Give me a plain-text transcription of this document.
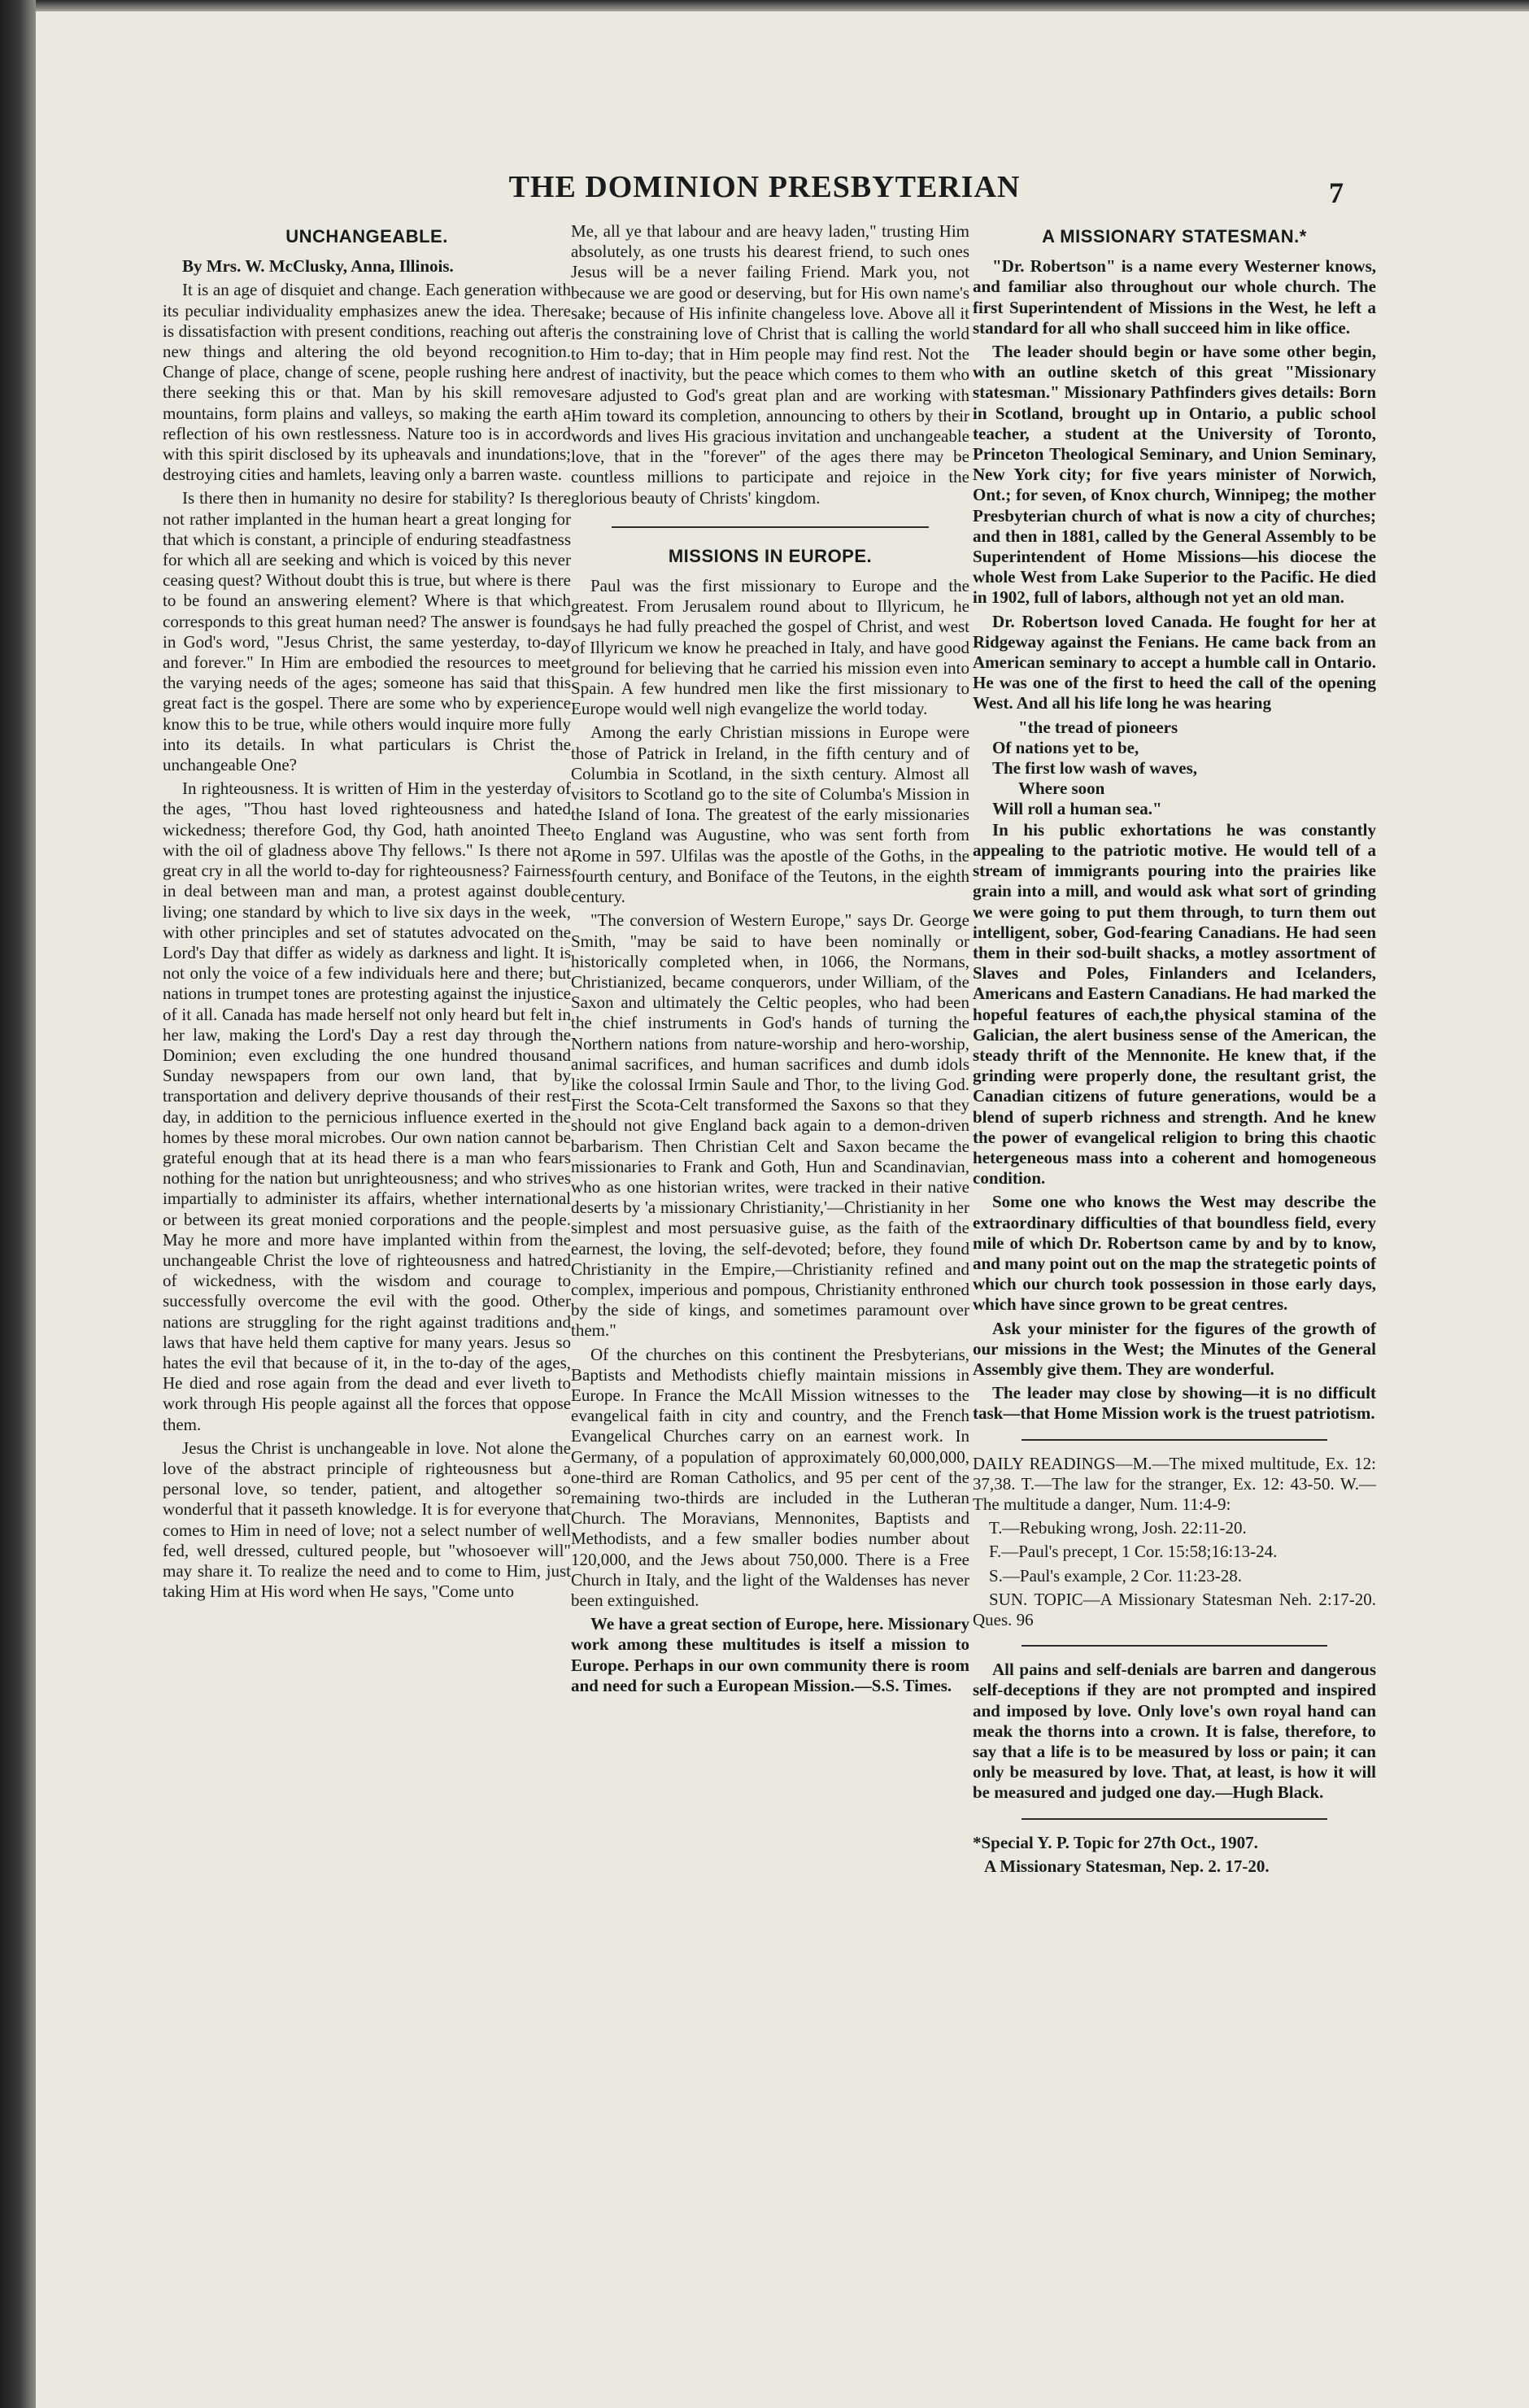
THE DOMINION PRESBYTERIAN	7
UNCHANGEABLE.

By Mrs. W. McClusky, Anna, Illinois.

It is an age of disquiet and change. Each generation with its peculiar individuality emphasizes anew the idea. There is dissatisfaction with present conditions, reaching out after new things and altering the old beyond recognition. Change of place, change of scene, people rushing here and there seeking this or that. Man by his skill removes mountains, form plains and valleys, so making the earth a reflection of his own restlessness. Nature too is in accord with this spirit disclosed by its upheavals and inundations; destroying cities and hamlets, leaving only a barren waste.

Is there then in humanity no desire for stability? Is there not rather implanted in the human heart a great longing for that which is constant, a principle of enduring steadfastness for which all are seeking and which is voiced by this never ceasing quest? Without doubt this is true, but where is there to be found an answering element? Where is that which corresponds to this great human need? The answer is found in God's word, "Jesus Christ, the same yesterday, to-day and forever." In Him are embodied the resources to meet the varying needs of the ages; someone has said that this great fact is the gospel. There are some who by experience know this to be true, while others would inquire more fully into its details. In what particulars is Christ the unchangeable One?

In righteousness. It is written of Him in the yesterday of the ages, "Thou hast loved righteousness and hated wickedness; therefore God, thy God, hath anointed Thee with the oil of gladness above Thy fellows." Is there not a great cry in all the world to-day for righteousness? Fairness in deal between man and man, a protest against double living; one standard by which to live six days in the week, with other principles and set of statutes advocated on the Lord's Day that differ as widely as darkness and light. It is not only the voice of a few individuals here and there; but nations in trumpet tones are protesting against the injustice of it all. Canada has made herself not only heard but felt in her law, making the Lord's Day a rest day through the Dominion; even excluding the one hundred thousand Sunday newspapers from our own land, that by transportation and delivery deprive thousands of their rest day, in addition to the pernicious influence exerted in the homes by these moral microbes. Our own nation cannot be grateful enough that at its head there is a man who fears nothing for the nation but unrighteousness; and who strives impartially to administer its affairs, whether international or between its great monied corporations and the people. May he more and more have implanted within from the unchangeable Christ the love of righteousness and hatred of wickedness, with the wisdom and courage to successfully overcome the evil with the good. Other nations are struggling for the right against traditions and laws that have held them captive for many years. Jesus so hates the evil that because of it, in the to-day of the ages, He died and rose again from the dead and ever liveth to work through His people against all the forces that oppose them.

Jesus the Christ is unchangeable in love. Not alone the love of the abstract principle of righteousness but a personal love, so tender, patient, and altogether so wonderful that it passeth knowledge. It is for everyone that comes to Him in need of love; not a select number of well fed, well dressed, cultured people, but "whosoever will" may share it. To realize the need and to come to Him, just taking Him at His word when He says, "Come unto

Me, all ye that labour and are heavy laden," trusting Him absolutely, as one trusts his dearest friend, to such ones Jesus will be a never failing Friend. Mark you, not because we are good or deserving, but for His own name's sake; because of His infinite changeless love. Above all it is the constraining love of Christ that is calling the world to Him to-day; that in Him people may find rest. Not the rest of inactivity, but the peace which comes to them who are adjusted to God's great plan and are working with Him toward its completion, announcing to others by their words and lives His gracious invitation and unchangeable love, that in the "forever" of the ages there may be countless millions to participate and rejoice in the glorious beauty of Christs' kingdom.

MISSIONS IN EUROPE.

Paul was the first missionary to Europe and the greatest. From Jerusalem round about to Illyricum, he says he had fully preached the gospel of Christ, and west of Illyricum we know he preached in Italy, and have good ground for believing that he carried his mission even into Spain. A few hundred men like the first missionary to Europe would well nigh evangelize the world today.

Among the early Christian missions in Europe were those of Patrick in Ireland, in the fifth century and of Columbia in Scotland, in the sixth century. Almost all visitors to Scotland go to the site of Columba's Mission in the Island of Iona. The greatest of the early missionaries to England was Augustine, who was sent forth from Rome in 597. Ulfilas was the apostle of the Goths, in the fourth century, and Boniface of the Teutons, in the eighth century.

"The conversion of Western Europe," says Dr. George Smith, "may be said to have been nominally or historically completed when, in 1066, the Normans, Christianized, became conquerors, under William, of the Saxon and ultimately the Celtic peoples, who had been the chief instruments in God's hands of turning the Northern nations from nature-worship and hero-worship, animal sacrifices, and human sacrifices and dumb idols like the colossal Irmin Saule and Thor, to the living God. First the Scota-Celt transformed the Saxons so that they should not give England back again to a demon-driven barbarism. Then Christian Celt and Saxon became the missionaries to Frank and Goth, Hun and Scandinavian, who as one historian writes, were tracked in their native deserts by 'a missionary Christianity,'—Christianity in her simplest and most persuasive guise, as the faith of the earnest, the loving, the self-devoted; before, they found Christianity in the Empire,—Christianity refined and complex, imperious and pompous, Christianity enthroned by the side of kings, and sometimes paramount over them."

Of the churches on this continent the Presbyterians, Baptists and Methodists chiefly maintain missions in Europe. In France the McAll Mission witnesses to the evangelical faith in city and country, and the French Evangelical Churches carry on an earnest work. In Germany, of a population of approximately 60,000,000, one-third are Roman Catholics, and 95 per cent of the remaining two-thirds are included in the Lutheran Church. The Moravians, Mennonites, Baptists and Methodists, and a few smaller bodies number about 120,000, and the Jews about 750,000. There is a Free Church in Italy, and the light of the Waldenses has never been extinguished.

We have a great section of Europe, here. Missionary work among these multitudes is itself a mission to Europe. Perhaps in our own community there is room and need for such a European Mission.—S.S. Times.

A MISSIONARY STATESMAN.*

"Dr. Robertson" is a name every Westerner knows, and familiar also throughout our whole church. The first Superintendent of Missions in the West, he left a standard for all who shall succeed him in like office.

The leader should begin or have some other begin, with an outline sketch of this great "Missionary statesman." Missionary Pathfinders gives details: Born in Scotland, brought up in Ontario, a public school teacher, a student at the University of Toronto, Princeton Theological Seminary, and Union Seminary, New York city; for five years minister of Norwich, Ont.; for seven, of Knox church, Winnipeg; the mother Presbyterian church of what is now a city of churches; and then in 1881, called by the General Assembly to be Superintendent of Home Missions—his diocese the whole West from Lake Superior to the Pacific. He died in 1902, full of labors, although not yet an old man.

Dr. Robertson loved Canada. He fought for her at Ridgeway against the Fenians. He came back from an American seminary to accept a humble call in Ontario. He was one of the first to heed the call of the opening West. And all his life long he was hearing

"the tread of pioneers

Of nations yet to be,

The first low wash of waves,

Where soon

Will roll a human sea."

In his public exhortations he was constantly appealing to the patriotic motive. He would tell of a stream of immigrants pouring into the prairies like grain into a mill, and would ask what sort of grinding we were going to put them through, to turn them out intelligent, sober, God-fearing Canadians. He had seen them in their sod-built shacks, a motley assortment of Slaves and Poles, Finlanders and Icelanders, Americans and Eastern Canadians. He had marked the hopeful features of each,the physical stamina of the Galician, the alert business sense of the American, the steady thrift of the Mennonite. He knew that, if the grinding were properly done, the resultant grist, the Canadian citizens of future generations, would be a blend of superb richness and strength. And he knew the power of evangelical religion to bring this chaotic hetergeneous mass into a coherent and homogeneous condition.

Some one who knows the West may describe the extraordinary difficulties of that boundless field, every mile of which Dr. Robertson came by and by to know, and many point out on the map the strategetic points of which our church took possession in those early days, which have since grown to be great centres.

Ask your minister for the figures of the growth of our missions in the West; the Minutes of the General Assembly give them. They are wonderful.

The leader may close by showing—it is no difficult task—that Home Mission work is the truest patriotism.

DAILY READINGS—M.—The mixed multitude, Ex. 12: 37,38. T.—The law for the stranger, Ex. 12: 43-50. W.—The multitude a danger, Num. 11:4-9:

T.—Rebuking wrong, Josh. 22:11-20.

F.—Paul's precept, 1 Cor. 15:58;16:13-24.

S.—Paul's example, 2 Cor. 11:23-28.

SUN. TOPIC—A Missionary Statesman Neh. 2:17-20. Ques. 96

All pains and self-denials are barren and dangerous self-deceptions if they are not prompted and inspired and imposed by love. Only love's own royal hand can meak the thorns into a crown. It is false, therefore, to say that a life is to be measured by loss or pain; it can only be measured by love. That, at least, is how it will be measured and judged one day.—Hugh Black.

*Special Y. P. Topic for 27th Oct., 1907.

A Missionary Statesman, Nep. 2. 17-20.
